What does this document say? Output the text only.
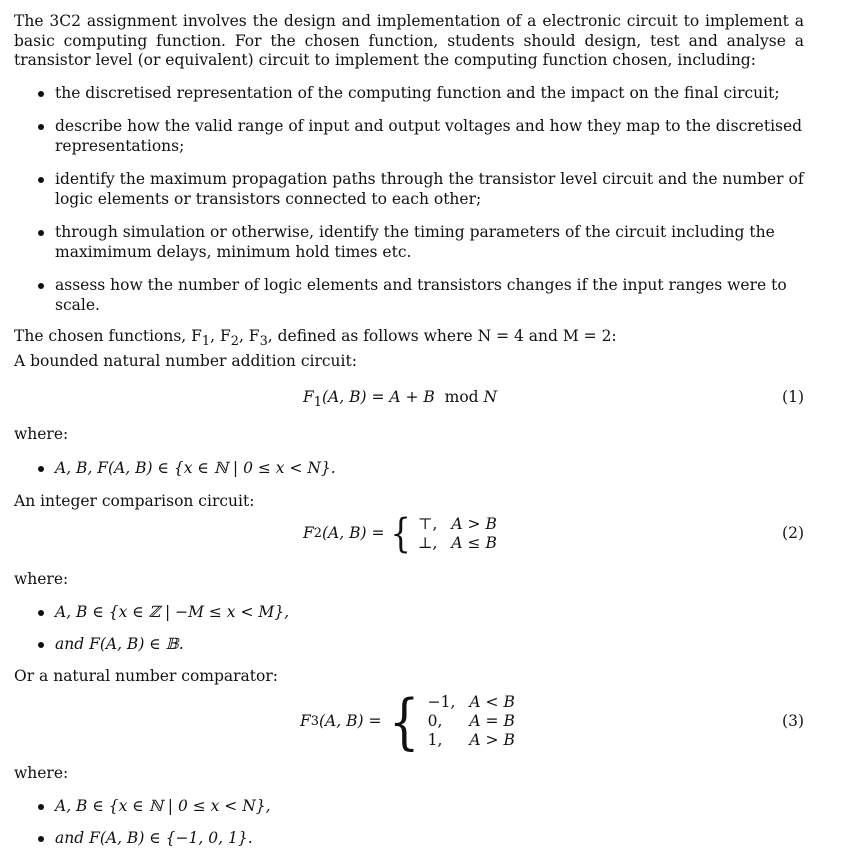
The 3C2 assignment involves the design and implementation of a electronic circuit to implement a basic computing function. For the chosen function, students should design, test and analyse a transistor level (or equivalent) circuit to implement the computing function chosen, including:

the discretised representation of the computing function and the impact on the final circuit;
describe how the valid range of input and output voltages and how they map to the discretised representations;
identify the maximum propagation paths through the transistor level circuit and the number of logic elements or transistors connected to each other;
through simulation or otherwise, identify the timing parameters of the circuit including the maximimum delays, minimum hold times etc.
assess how the number of logic elements and transistors changes if the input ranges were to scale.

The chosen functions, $F_1$, $F_2$, $F_3$, defined as follows where N = 4 and M = 2:

A bounded natural number addition circuit:

$F_1(A$, B) = A + B mod N	(1)

where:

A, B, F(A, B) ∈ {x ∈ ℕ | 0 ≤ x < N}.

An integer comparison circuit:

F 2 (A, B) = { ⊤, A > B
⊥, A ≤ B
(2)

where:

A, B ∈ {x ∈ ℤ | −M ≤ x < M},
and F(A, B) ∈ 𝔹.

Or a natural number comparator:

F 3 (A, B) = { −1, A < B
0,	A = B
1,	A > B
(3)

where:

A, B ∈ {x ∈ ℕ | 0 ≤ x < N},
and F(A, B) ∈ {−1, 0, 1}.
